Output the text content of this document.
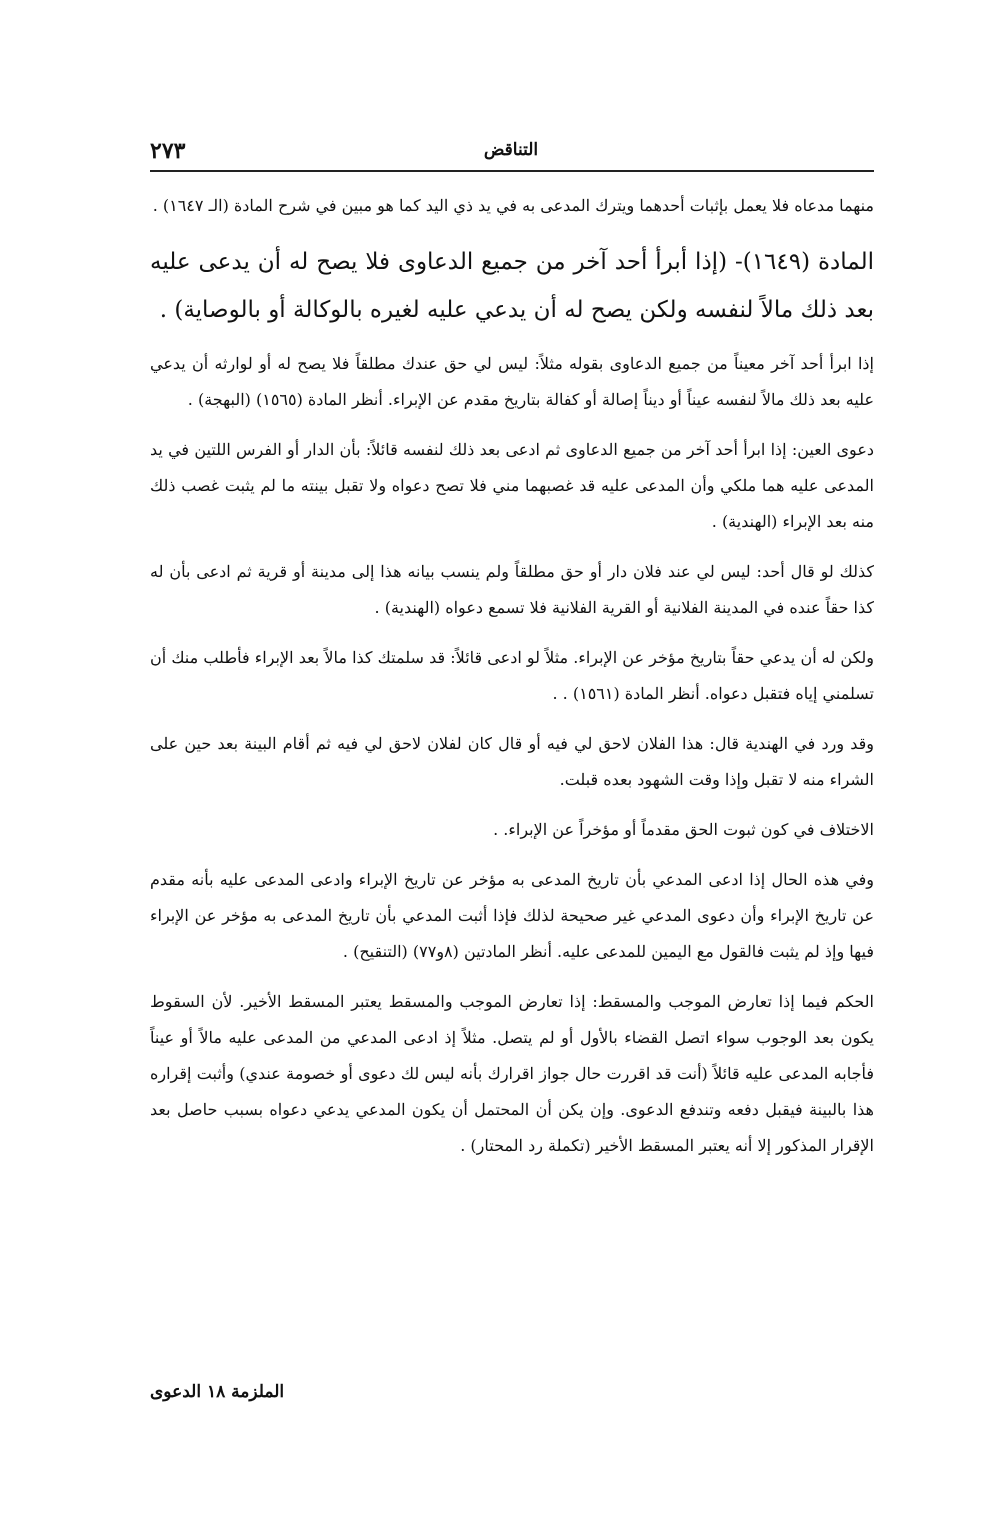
٢٧٣	التناقض

منهما مدعاه فلا يعمل بإثبات أحدهما ويترك المدعى به في يد ذي اليد كما هو مبين في شرح المادة (الـ ١٦٤٧) .

المادة (١٦٤٩)- (إذا أبرأ أحد آخر من جميع الدعاوى فلا يصح له أن يدعى عليه بعد ذلك مالاً لنفسه ولكن يصح له أن يدعي عليه لغيره بالوكالة أو بالوصاية) .

إذا ابرأ أحد آخر معيناً من جميع الدعاوى بقوله مثلاً: ليس لي حق عندك مطلقاً فلا يصح له أو لوارثه أن يدعي عليه بعد ذلك مالاً لنفسه عيناً أو ديناً إصالة أو كفالة بتاريخ مقدم عن الإبراء. أنظر المادة (١٥٦٥) (البهجة) .

دعوى العين: إذا ابرأ أحد آخر من جميع الدعاوى ثم ادعى بعد ذلك لنفسه قائلاً: بأن الدار أو الفرس اللتين في يد المدعى عليه هما ملكي وأن المدعى عليه قد غصبهما مني فلا تصح دعواه ولا تقبل بينته ما لم يثبت غصب ذلك منه بعد الإبراء (الهندية) .

كذلك لو قال أحد: ليس لي عند فلان دار أو حق مطلقاً ولم ينسب بيانه هذا إلى مدينة أو قرية ثم ادعى بأن له كذا حقاً عنده في المدينة الفلانية أو القرية الفلانية فلا تسمع دعواه (الهندية) .

ولكن له أن يدعي حقاً بتاريخ مؤخر عن الإبراء. مثلاً لو ادعى قائلاً: قد سلمتك كذا مالاً بعد الإبراء فأطلب منك أن تسلمني إياه فتقبل دعواه. أنظر المادة (١٥٦١) . .

وقد ورد في الهندية قال: هذا الفلان لاحق لي فيه أو قال كان لفلان لاحق لي فيه ثم أقام البينة بعد حين على الشراء منه لا تقبل وإذا وقت الشهود بعده قبلت.

الاختلاف في كون ثبوت الحق مقدماً أو مؤخراً عن الإبراء. .

وفي هذه الحال إذا ادعى المدعي بأن تاريخ المدعى به مؤخر عن تاريخ الإبراء وادعى المدعى عليه بأنه مقدم عن تاريخ الإبراء وأن دعوى المدعي غير صحيحة لذلك فإذا أثبت المدعي بأن تاريخ المدعى به مؤخر عن الإبراء فيها وإذ لم يثبت فالقول مع اليمين للمدعى عليه. أنظر المادتين (٨و٧٧) (التنقيح) .

الحكم فيما إذا تعارض الموجب والمسقط: إذا تعارض الموجب والمسقط يعتبر المسقط الأخير. لأن السقوط يكون بعد الوجوب سواء اتصل القضاء بالأول أو لم يتصل. مثلاً إذ ادعى المدعي من المدعى عليه مالاً أو عيناً فأجابه المدعى عليه قائلاً (أنت قد اقررت حال جواز اقرارك بأنه ليس لك دعوى أو خصومة عندي) وأثبت إقراره هذا بالبينة فيقبل دفعه وتندفع الدعوى. وإن يكن أن المحتمل أن يكون المدعي يدعي دعواه بسبب حاصل بعد الإقرار المذكور إلا أنه يعتبر المسقط الأخير (تكملة رد المحتار) .

الملزمة ١٨ الدعوى
